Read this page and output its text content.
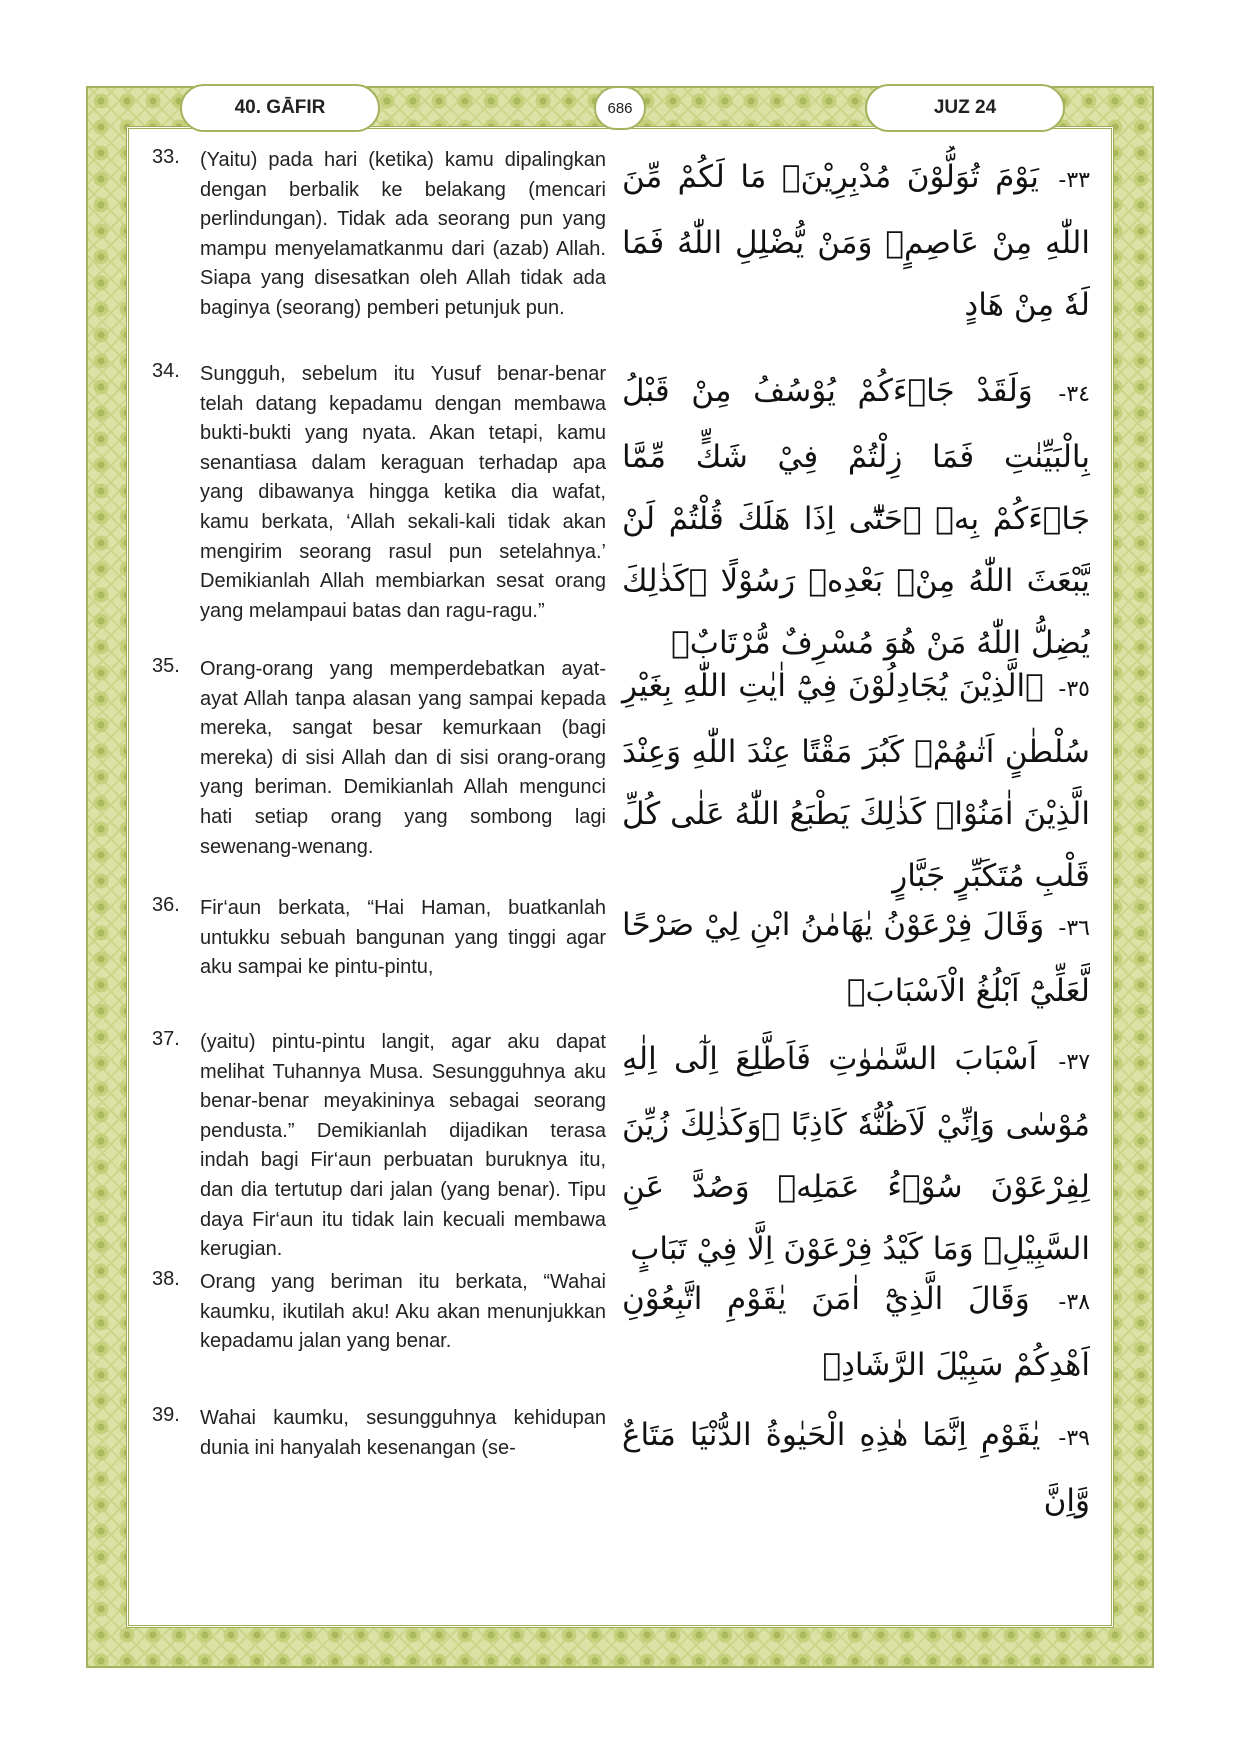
40. GĀFIR	686	JUZ 24
33. (Yaitu) pada hari (ketika) kamu dipalingkan dengan berbalik ke belakang (mencari perlindungan). Tidak ada seorang pun yang mampu menyelamatkanmu dari (azab) Allah. Siapa yang disesatkan oleh Allah tidak ada baginya (seorang) pemberi petunjuk pun.
٣٣- يَوْمَ تُوَلُّوْنَ مُدْبِرِيْنَۚ مَا لَكُمْ مِّنَ اللّٰهِ مِنْ عَاصِمٍۚ وَمَنْ يُّضْلِلِ اللّٰهُ فَمَا لَهٗ مِنْ هَادٍ
34. Sungguh, sebelum itu Yusuf benar-benar telah datang kepadamu dengan membawa bukti-bukti yang nyata. Akan tetapi, kamu senantiasa dalam keraguan terhadap apa yang dibawanya hingga ketika dia wafat, kamu berkata, ‘Allah sekali-kali tidak akan mengirim seorang rasul pun setelahnya.’ Demikianlah Allah membiarkan sesat orang yang melampaui batas dan ragu-ragu.”
٣٤- وَلَقَدْ جَاۤءَكُمْ يُوْسُفُ مِنْ قَبْلُ بِالْبَيِّنٰتِ فَمَا زِلْتُمْ فِيْ شَكٍّ مِّمَّا جَاۤءَكُمْ بِهٖ ۗحَتّٰٓى اِذَا هَلَكَ قُلْتُمْ لَنْ يَّبْعَثَ اللّٰهُ مِنْۢ بَعْدِهٖ رَسُوْلًا ۗكَذٰلِكَ يُضِلُّ اللّٰهُ مَنْ هُوَ مُسْرِفٌ مُّرْتَابٌۙ
35. Orang-orang yang memperdebatkan ayat-ayat Allah tanpa alasan yang sampai kepada mereka, sangat besar kemurkaan (bagi mereka) di sisi Allah dan di sisi orang-orang yang beriman. Demikianlah Allah mengunci hati setiap orang yang sombong lagi sewenang-wenang.
٣٥- ۨالَّذِيْنَ يُجَادِلُوْنَ فِيْٓ اٰيٰتِ اللّٰهِ بِغَيْرِ سُلْطٰنٍ اَتٰىهُمْۗ كَبُرَ مَقْتًا عِنْدَ اللّٰهِ وَعِنْدَ الَّذِيْنَ اٰمَنُوْاۗ كَذٰلِكَ يَطْبَعُ اللّٰهُ عَلٰى كُلِّ قَلْبِ مُتَكَبِّرٍ جَبَّارٍ
36. Fir‘aun berkata, “Hai Haman, buatkanlah untukku sebuah bangunan yang tinggi agar aku sampai ke pintu-pintu,
٣٦- وَقَالَ فِرْعَوْنُ يٰهَامٰنُ ابْنِ لِيْ صَرْحًا لَّعَلِّيْٓ اَبْلُغُ الْاَسْبَابَۙ
37. (yaitu) pintu-pintu langit, agar aku dapat melihat Tuhannya Musa. Sesungguhnya aku benar-benar meyakininya sebagai seorang pendusta.” Demikianlah dijadikan terasa indah bagi Fir‘aun perbuatan buruknya itu, dan dia tertutup dari jalan (yang benar). Tipu daya Fir‘aun itu tidak lain kecuali membawa kerugian.
٣٧- اَسْبَابَ السَّمٰوٰتِ فَاَطَّلِعَ اِلٰٓى اِلٰهِ مُوْسٰى وَاِنِّيْ لَاَظُنُّهٗ كَاذِبًا ۗوَكَذٰلِكَ زُيِّنَ لِفِرْعَوْنَ سُوْۤءُ عَمَلِهٖ وَصُدَّ عَنِ السَّبِيْلِۗ وَمَا كَيْدُ فِرْعَوْنَ اِلَّا فِيْ تَبَابٍ
38. Orang yang beriman itu berkata, “Wahai kaumku, ikutilah aku! Aku akan menunjukkan kepadamu jalan yang benar.
٣٨- وَقَالَ الَّذِيْٓ اٰمَنَ يٰقَوْمِ اتَّبِعُوْنِ اَهْدِكُمْ سَبِيْلَ الرَّشَادِۚ
39. Wahai kaumku, sesungguhnya kehidupan dunia ini hanyalah kesenangan (se-	٣٩- يٰقَوْمِ اِنَّمَا هٰذِهِ الْحَيٰوةُ الدُّنْيَا مَتَاعٌ ۖوَّاِنَّ
